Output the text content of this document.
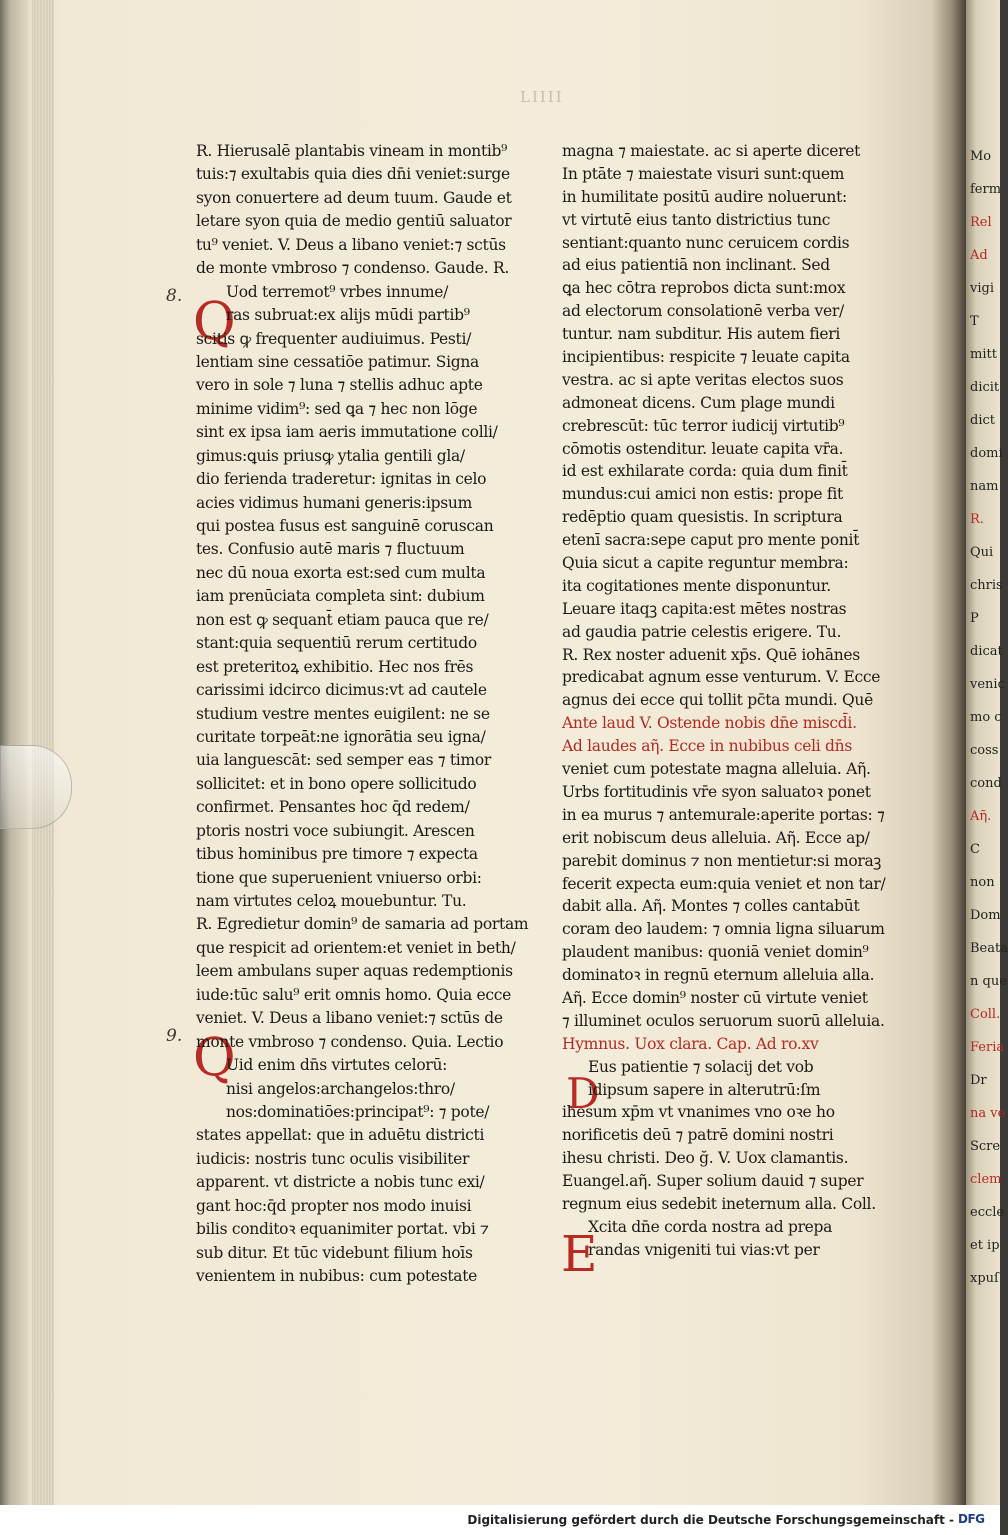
LIIII
8.
9.
Q
Q
D
E
R. Hierusalē plantabis vineam in montib⁹
tuis:⁊ exultabis quia dies dn̄i veniet:surge
syon conuertere ad deum tuum. Gaude et
letare syon quia de medio gentiū saluator
tu⁹ veniet. V. Deus a libano veniet:⁊ sctūs
de monte vmbroso ⁊ condenso. Gaude. R.
Uod terremot⁹ vrbes innume/
ras subruat:ex alijs mūdi partib⁹
scitis ꝙ frequenter audiuimus. Pesti/
lentiam sine cessatiōe patimur. Signa
vero in sole ⁊ luna ⁊ stellis adhuc apte
minime vidim⁹: sed ꝗa ⁊ hec non lōge
sint ex ipsa iam aeris immutatione colli/
gimus:ꝗuis priusꝙ ytalia gentili gla/
dio ferienda traderetur: ignitas in celo
acies vidimus humani generis:ipsum
qui postea fusus est sanguinē coruscan
tes. Confusio autē maris ⁊ fluctuum
nec dū noua exorta est:sed cum multa
iam prenūciata completa sint: dubium
non est ꝙ sequant̄ etiam pauca que re/
stant:quia sequentiū rerum certitudo
est preteritoꝝ exhibitio. Hec nos frēs
carissimi idcirco dicimus:vt ad cautele
studium vestre mentes euigilent: ne se
curitate torpeāt:ne ignorātia seu igna/
uia languescāt: sed semper eas ⁊ timor
sollicitet: et in bono opere sollicitudo
confirmet. Pensantes hoc q̄d redem/
ptoris nostri voce subiungit. Arescen
tibus hominibus pre timore ⁊ expecta
tione que superuenient vniuerso orbi:
nam virtutes celoꝝ mouebuntur. Tu.
R. Egredietur domin⁹ de samaria ad portam
que respicit ad orientem:et veniet in beth/
leem ambulans super aquas redemptionis
iude:tūc salu⁹ erit omnis homo. Quia ecce
veniet. V. Deus a libano veniet:⁊ sctūs de
monte vmbroso ⁊ condenso. Quia. Lectio
Uid enim dn̄s virtutes celorū:
nisi angelos:archangelos:thro/
nos:dominatiōes:principat⁹: ⁊ pote/
states appellat: que in aduētu districti
iudicis: nostris tunc oculis visibiliter
apparent. vt districte a nobis tunc exi/
gant hoc:q̄d propter nos modo inuisi
bilis conditoꝛ equanimiter portat. vbi ⁊
sub ditur. Et tūc videbunt filium hoīs
venientem in nubibus: cum potestate
magna ⁊ maiestate. ac si aperte diceret
In ptāte ⁊ maiestate visuri sunt:quem
in humilitate positū audire noluerunt:
vt virtutē eius tanto districtius tunc
sentiant:quanto nunc ceruicem cordis
ad eius patientiā non inclinant. Sed
ꝗa hec cōtra reprobos dicta sunt:mox
ad electorum consolationē verba ver/
tuntur. nam subditur. His autem fieri
incipientibus: respicite ⁊ leuate capita
vestra. ac si apte veritas electos suos
admoneat dicens. Cum plage mundi
crebrescūt: tūc terror iudicij virtutib⁹
cōmotis ostenditur. leuate capita vr̄a.
id est exhilarate corda: quia dum finit̄
mundus:cui amici non estis: prope fit
redēptio quam quesistis. In scriptura
etenī sacra:sepe caput pro mente ponit̄
Quia sicut a capite reguntur membra:
ita cogitationes mente disponuntur.
Leuare itaqꝫ capita:est mētes nostras
ad gaudia patrie celestis erigere. Tu.
R. Rex noster aduenit xp̄s. Quē iohānes
predicabat agnum esse venturum. V. Ecce
agnus dei ecce qui tollit pc̄ta mundi. Quē
Ante laud V. Ostende nobis dn̄e miscd̄i.
Ad laudes aῆ. Ecce in nubibus celi dn̄s
veniet cum potestate magna alleluia. Aῆ.
Urbs fortitudinis vr̄e syon saluatoꝛ ponet
in ea murus ⁊ antemurale:aperite portas: ⁊
erit nobiscum deus alleluia. Aῆ. Ecce ap/
parebit dominus ⁊ non mentietur:si moraꝫ
fecerit expecta eum:quia veniet et non tar/
dabit alla. Aῆ. Montes ⁊ colles cantabūt
coram deo laudem: ⁊ omnia ligna siluarum
plaudent manibus: quoniā veniet domin⁹
dominatoꝛ in regnū eternum alleluia alla.
Aῆ. Ecce domin⁹ noster cū virtute veniet
⁊ illuminet oculos seruorum suorū alleluia.
Hymnus. Uox clara. Cap. Ad ro.xv
Eus patientie ⁊ solacij det vob
idipsum sapere in alterutrū:ſm
ihesum xp̄m vt vnanimes vno oꝛe ho
norificetis deū ⁊ patrē domini nostri
ihesu christi. Deo ğ. V. Uox clamantis.
Euangel.aῆ. Super solium dauid ⁊ super
regnum eius sedebit ineternum alla. Coll.
Xcita dn̄e corda nostra ad prepa
randas vnigeniti tui vias:vt per
Mo
ferm
Rel
Ad
vigi
T
mitt
dicit
dict
domi
nam
R.
Qui
chris
P
dicat
venic
mo c
coss
cond
Aῆ.
C
non
Dom
Beata
n que
Coll.
Feria
Dr
na ve
Scre
clem
eccle
et ip
xpuſ
Digitalisierung gefördert durch die Deutsche Forschungsgemeinschaft - DFG
